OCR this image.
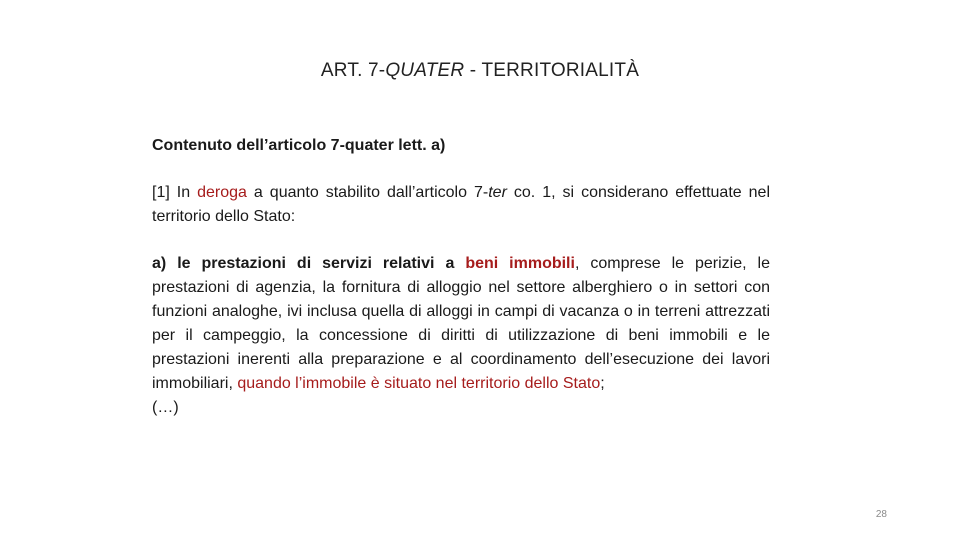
ART. 7-QUATER - TERRITORIALITÀ

Contenuto dell’articolo 7-quater lett. a)

[1] In deroga a quanto stabilito dall’articolo 7-ter co. 1, si considerano effettuate nel territorio dello Stato:

a) le prestazioni di servizi relativi a beni immobili, comprese le perizie, le prestazioni di agenzia, la fornitura di alloggio nel settore alberghiero o in settori con funzioni analoghe, ivi inclusa quella di alloggi in campi di vacanza o in terreni attrezzati per il campeggio, la concessione di diritti di utilizzazione di beni immobili e le prestazioni inerenti alla preparazione e al coordinamento dell’esecuzione dei lavori immobiliari, quando l’immobile è situato nel territorio dello Stato;

(…)

28
